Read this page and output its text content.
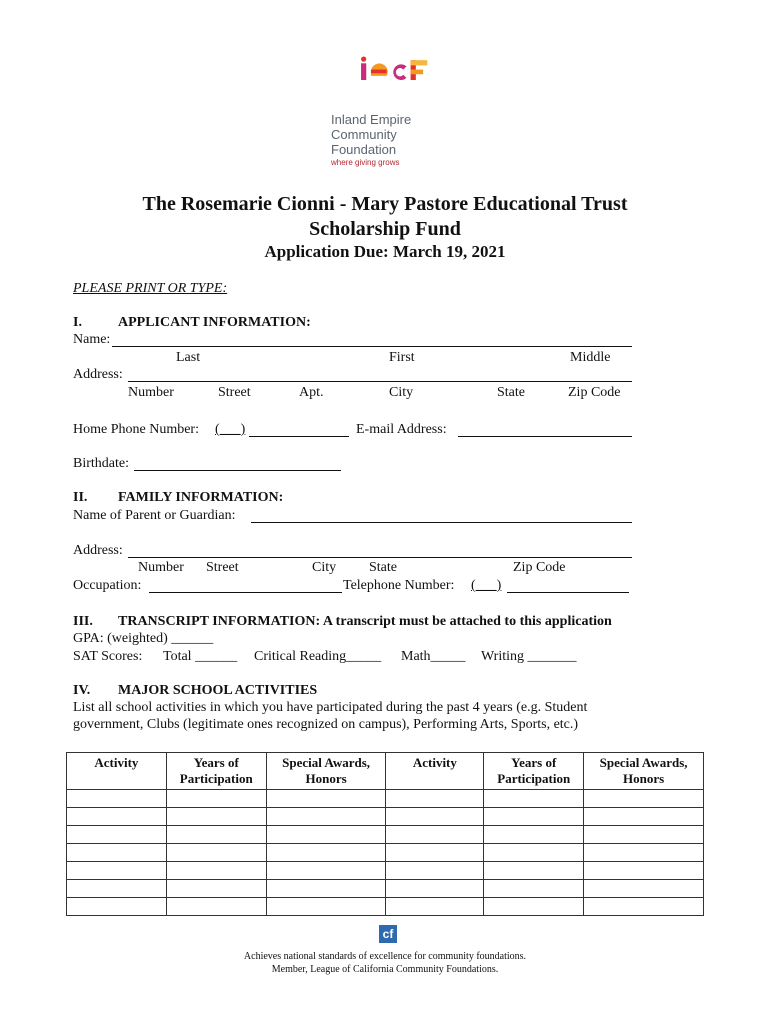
Inland Empire
Community
Foundation
where giving grows
The Rosemarie Cionni - Mary Pastore Educational Trust
Scholarship Fund
Application Due: March 19, 2021
PLEASE PRINT OR TYPE:
I.	APPLICANT INFORMATION:
Name:
Last	First	Middle
Address:
Number	Street	Apt.	City	State	Zip Code
Home Phone Number: (___)	E-mail Address:
Birthdate:
II. FAMILY INFORMATION:
Name of Parent or Guardian:
Address:
Number Street	City State	Zip Code
Occupation:	Telephone Number: (___)
III. TRANSCRIPT INFORMATION: A transcript must be attached to this application
GPA: (weighted) ______
SAT Scores: Total ______ Critical Reading_____ Math_____ Writing _______
IV. MAJOR SCHOOL ACTIVITIES
List all school activities in which you have participated during the past 4 years (e.g. Student
government, Clubs (legitimate ones recognized on campus), Performing Arts, Sports, etc.)
Activity	Years of Participation	Special Awards, Honors	Activity	Years of Participation	Special Awards, Honors

cf
Achieves national standards of excellence for community foundations.
Member, League of California Community Foundations.
